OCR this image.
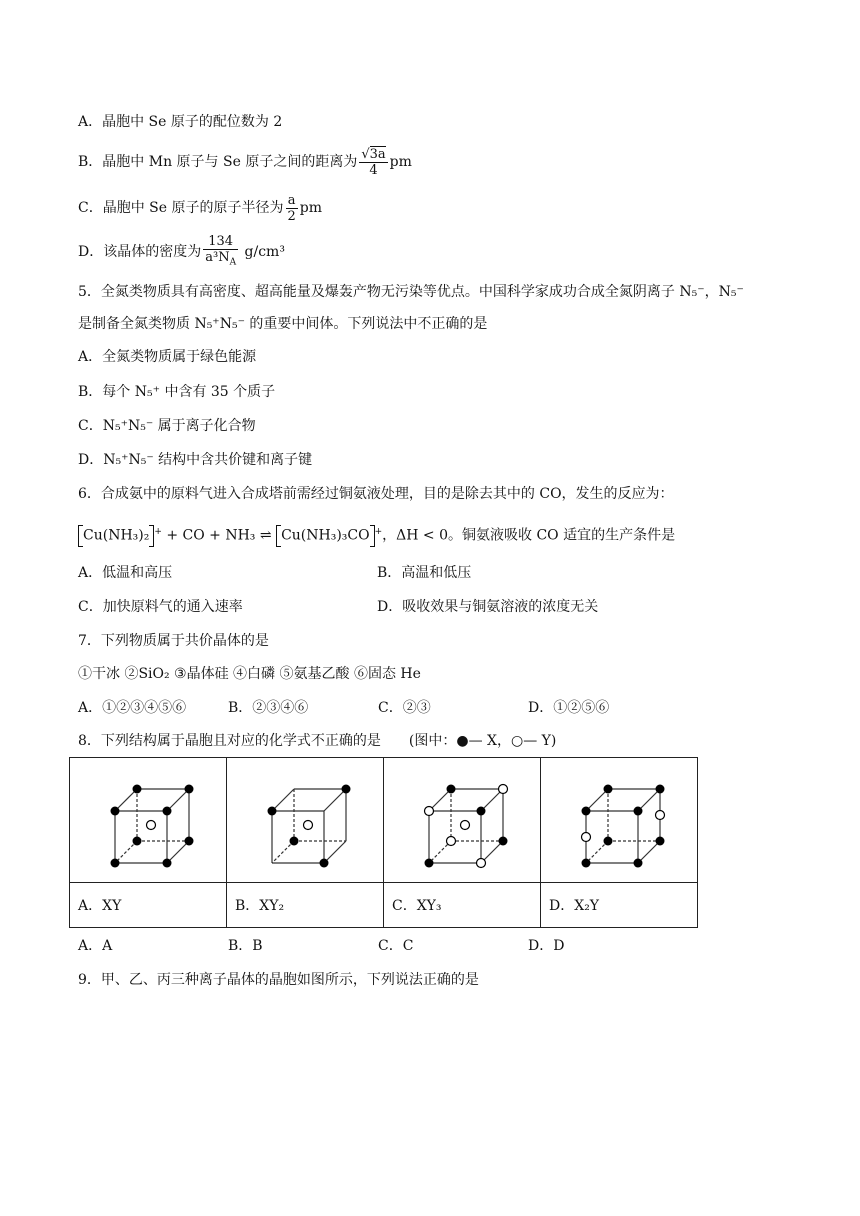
A．晶胞中 Se 原子的配位数为 2
B．晶胞中 Mn 原子与 Se 原子之间的距离为 $\frac{√3a}{4}$ pm
C．晶胞中 Se 原子的原子半径为 $\frac{a}{2}$ pm
D．该晶体的密度为 $\frac{134}{a^3N_A} g/cm^3$
5．全氮类物质具有高密度、超高能量及爆轰产物无污染等优点。中国科学家成功合成全氮阴离子 N₅⁻，N₅⁻
是制备全氮类物质 N₅⁺N₅⁻ 的重要中间体。下列说法中不正确的是
A．全氮类物质属于绿色能源
B．每个 N₅⁺ 中含有 35 个质子
C．N₅⁺N₅⁻ 属于离子化合物
D．N₅⁺N₅⁻ 结构中含共价键和离子键
6．合成氨中的原料气进入合成塔前需经过铜氨液处理，目的是除去其中的 CO，发生的反应为：
Cu(NH₃)₂ + + CO + NH₃ ⇌ Cu(NH₃)₃CO +，ΔH < 0。铜氨液吸收 CO 适宜的生产条件是
A．低温和高压	B．高温和低压
C．加快原料气的通入速率	D．吸收效果与铜氨溶液的浓度无关
7．下列物质属于共价晶体的是
①干冰 ②SiO₂ ③晶体硅 ④白磷 ⑤氨基乙酸 ⑥固态 He
A．①②③④⑤⑥	B．②③④⑥	C．②③	D．①②⑤⑥
8．下列结构属于晶胞且对应的化学式不正确的是　　(图中：●— X，○— Y)

A．XY	B．XY₂	C．XY₃	D．X₂Y
A．A	B．B	C．C	D．D
9．甲、乙、丙三种离子晶体的晶胞如图所示，下列说法正确的是
